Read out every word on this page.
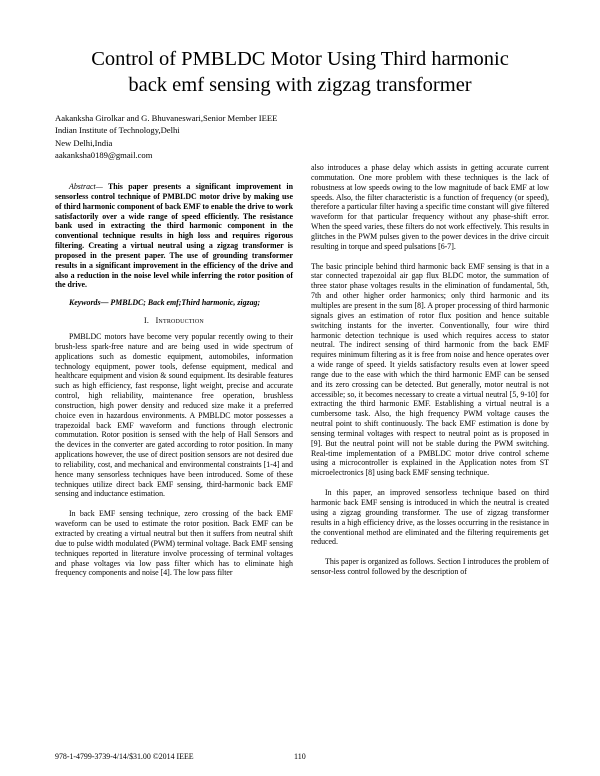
Control of PMBLDC Motor Using Third harmonic
back emf sensing with zigzag transformer
Aakanksha Girolkar and G. Bhuvaneswari,Senior Member IEEE
Indian Institute of Technology,Delhi
New Delhi,India
aakanksha0189@gmail.com

Abstract— This paper presents a significant improvement in sensorless control technique of PMBLDC motor drive by making use of third harmonic component of back EMF to enable the drive to work satisfactorily over a wide range of speed efficiently. The resistance bank used in extracting the third harmonic component in the conventional technique results in high loss and requires rigorous filtering. Creating a virtual neutral using a zigzag transformer is proposed in the present paper. The use of grounding transformer results in a significant improvement in the efficiency of the drive and also a reduction in the noise level while inferring the rotor position of the drive.

Keywords— PMBLDC; Back emf;Third harmonic, zigzag;

I. Introduction

PMBLDC motors have become very popular recently owing to their brush-less spark-free nature and are being used in wide spectrum of applications such as domestic equipment, automobiles, information technology equipment, power tools, defense equipment, medical and healthcare equipment and vision & sound equipment. Its desirable features such as high efficiency, fast response, light weight, precise and accurate control, high reliability, maintenance free operation, brushless construction, high power density and reduced size make it a preferred choice even in hazardous environments. A PMBLDC motor possesses a trapezoidal back EMF waveform and functions through electronic commutation. Rotor position is sensed with the help of Hall Sensors and the devices in the converter are gated according to rotor position. In many applications however, the use of direct position sensors are not desired due to reliability, cost, and mechanical and environmental constraints [1-4] and hence many sensorless techniques have been introduced. Some of these techniques utilize direct back EMF sensing, third-harmonic back EMF sensing and inductance estimation.

In back EMF sensing technique, zero crossing of the back EMF waveform can be used to estimate the rotor position. Back EMF can be extracted by creating a virtual neutral but then it suffers from neutral shift due to pulse width modulated (PWM) terminal voltage. Back EMF sensing techniques reported in literature involve processing of terminal voltages and phase voltages via low pass filter which has to eliminate high frequency components and noise [4]. The low pass filter

also introduces a phase delay which assists in getting accurate current commutation. One more problem with these techniques is the lack of robustness at low speeds owing to the low magnitude of back EMF at low speeds. Also, the filter characteristic is a function of frequency (or speed), therefore a particular filter having a specific time constant will give filtered waveform for that particular frequency without any phase-shift error. When the speed varies, these filters do not work effectively. This results in glitches in the PWM pulses given to the power devices in the drive circuit resulting in torque and speed pulsations [6-7].

The basic principle behind third harmonic back EMF sensing is that in a star connected trapezoidal air gap flux BLDC motor, the summation of three stator phase voltages results in the elimination of fundamental, 5th, 7th and other higher order harmonics; only third harmonic and its multiples are present in the sum [8]. A proper processing of third harmonic signals gives an estimation of rotor flux position and hence suitable switching instants for the inverter. Conventionally, four wire third harmonic detection technique is used which requires access to stator neutral. The indirect sensing of third harmonic from the back EMF requires minimum filtering as it is free from noise and hence operates over a wide range of speed. It yields satisfactory results even at lower speed range due to the ease with which the third harmonic EMF can be sensed and its zero crossing can be detected. But generally, motor neutral is not accessible; so, it becomes necessary to create a virtual neutral [5, 9-10] for extracting the third harmonic EMF. Establishing a virtual neutral is a cumbersome task. Also, the high frequency PWM voltage causes the neutral point to shift continuously. The back EMF estimation is done by sensing terminal voltages with respect to neutral point as is proposed in [9]. But the neutral point will not be stable during the PWM switching. Real-time implementation of a PMBLDC motor drive control scheme using a microcontroller is explained in the Application notes from ST microelectronics [8] using back EMF sensing technique.

In this paper, an improved sensorless technique based on third harmonic back EMF sensing is introduced in which the neutral is created using a zigzag grounding transformer. The use of zigzag transformer results in a high efficiency drive, as the losses occurring in the resistance in the conventional method are eliminated and the filtering requirements get reduced.

This paper is organized as follows. Section I introduces the problem of sensor-less control followed by the description of

978-1-4799-3739-4/14/$31.00 ©2014 IEEE	110
